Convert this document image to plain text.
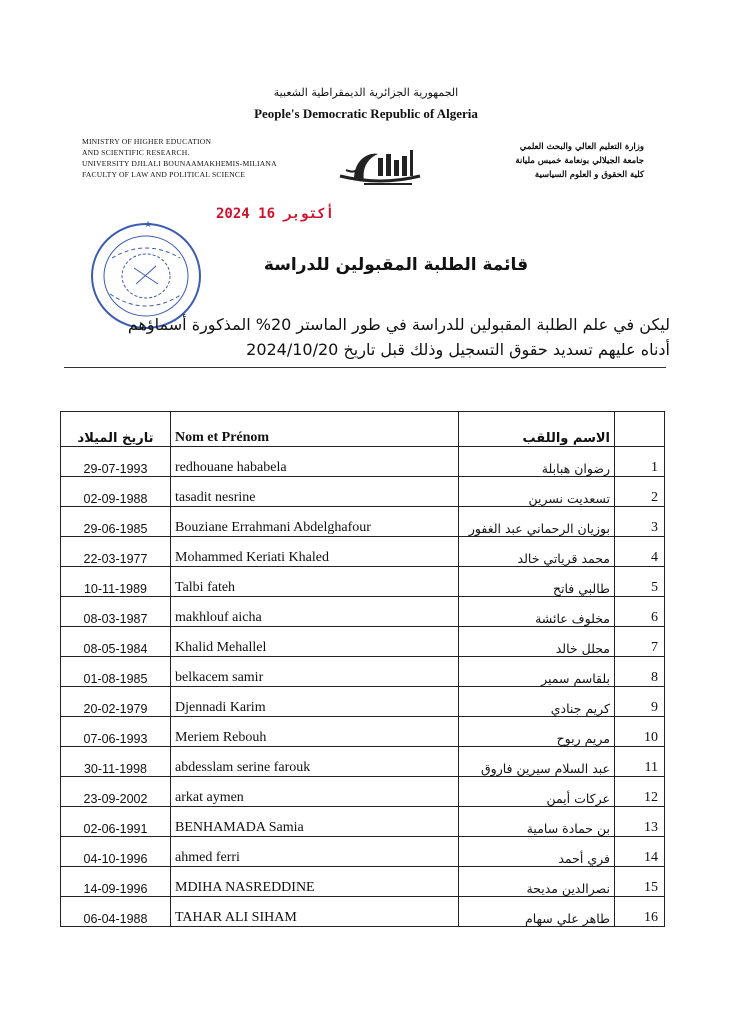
الجمهورية الجزائرية الديمقراطية الشعبية
People's Democratic Republic of Algeria
MINISTRY OF HIGHER EDUCATION
AND SCIENTIFIC RESEARCH.
UNIVERSITY DJILALI BOUNAAMAKHEMIS-MILIANA
FACULTY OF LAW AND POLITICAL SCIENCE
وزارة التعليم العالي والبحث العلمي
جامعة الجيلالي بونعامة خميس مليانة
كلية الحقوق و العلوم السياسية
2024 أكتوبر 16
★
قائمة الطلبة المقبولين للدراسة
ليكن في علم الطلبة المقبولين للدراسة في طور الماستر 20% المذكورة أسماؤهم
أدناه عليهم تسديد حقوق التسجيل وذلك قبل تاريخ 2024/10/20
تاريخ الميلاد	Nom et Prénom	الاسم واللقب	
29-07-1993	redhouane hababela	رضوان هبابلة	1
02-09-1988	tasadit nesrine	تسعديت نسرين	2
29-06-1985	Bouziane Errahmani Abdelghafour	بوزيان الرحماني عبد الغفور	3
22-03-1977	Mohammed Keriati Khaled	محمد قرياتي خالد	4
10-11-1989	Talbi fateh	طالبي فاتح	5
08-03-1987	makhlouf aicha	مخلوف عائشة	6
08-05-1984	Khalid Mehallel	محلل خالد	7
01-08-1985	belkacem samir	بلقاسم سمير	8
20-02-1979	Djennadi Karim	كريم جنادي	9
07-06-1993	Meriem Rebouh	مريم ربوح	10
30-11-1998	abdesslam serine farouk	عبد السلام سيرين فاروق	11
23-09-2002	arkat aymen	عركات أيمن	12
02-06-1991	BENHAMADA Samia	بن حمادة سامية	13
04-10-1996	ahmed ferri	فري أحمد	14
14-09-1996	MDIHA NASREDDINE	نصرالدين مديحة	15
06-04-1988	TAHAR ALI SIHAM	طاهر علي سهام	16
